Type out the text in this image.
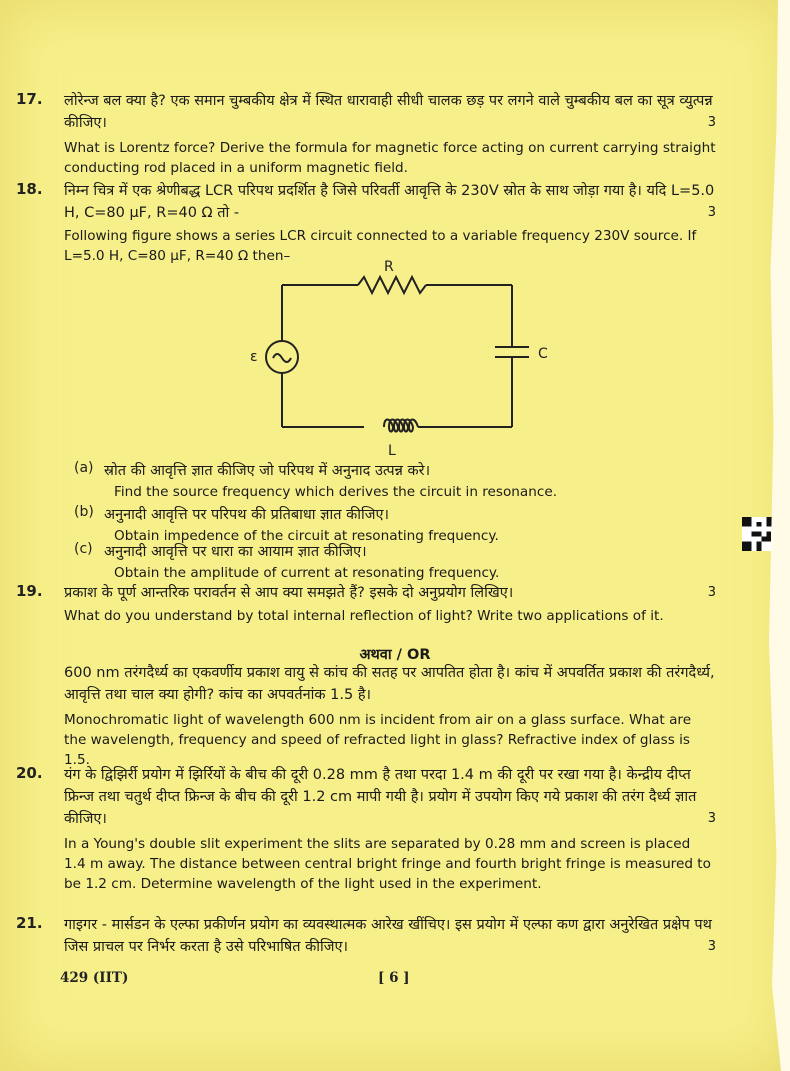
17. लोरेन्ज बल क्या है? एक समान चुम्बकीय क्षेत्र में स्थित धारावाही सीधी चालक छड़ पर लगने वाले चुम्बकीय बल का सूत्र व्युत्पन्न कीजिए।	3
What is Lorentz force? Derive the formula for magnetic force acting on current carrying straight conducting rod placed in a uniform magnetic field.
18. निम्न चित्र में एक श्रेणीबद्ध LCR परिपथ प्रदर्शित है जिसे परिवर्ती आवृत्ति के 230V स्रोत के साथ जोड़ा गया है। यदि L=5.0 H, C=80 μF, R=40 Ω तो -	3
Following figure shows a series LCR circuit connected to a variable frequency 230V source. If L=5.0 H, C=80 μF, R=40 Ω then–
R
C
L
ε
(a) स्रोत की आवृत्ति ज्ञात कीजिए जो परिपथ में अनुनाद उत्पन्न करे।
Find the source frequency which derives the circuit in resonance.
(b) अनुनादी आवृत्ति पर परिपथ की प्रतिबाधा ज्ञात कीजिए।
Obtain impedence of the circuit at resonating frequency.
(c) अनुनादी आवृत्ति पर धारा का आयाम ज्ञात कीजिए।
Obtain the amplitude of current at resonating frequency.
19. प्रकाश के पूर्ण आन्तरिक परावर्तन से आप क्या समझते हैं? इसके दो अनुप्रयोग लिखिए।	3
What do you understand by total internal reflection of light? Write two applications of it.
अथवा / OR
600 nm तरंगदैर्ध्य का एकवर्णीय प्रकाश वायु से कांच की सतह पर आपतित होता है। कांच में अपवर्तित प्रकाश की तरंगदैर्ध्य, आवृत्ति तथा चाल क्या होगी? कांच का अपवर्तनांक 1.5 है।
Monochromatic light of wavelength 600 nm is incident from air on a glass surface. What are the wavelength, frequency and speed of refracted light in glass? Refractive index of glass is 1.5.
20. यंग के द्विझिर्री प्रयोग में झिर्रियों के बीच की दूरी 0.28 mm है तथा परदा 1.4 m की दूरी पर रखा गया है। केन्द्रीय दीप्त फ्रिन्ज तथा चतुर्थ दीप्त फ्रिन्ज के बीच की दूरी 1.2 cm मापी गयी है। प्रयोग में उपयोग किए गये प्रकाश की तरंग दैर्ध्य ज्ञात कीजिए।	3
In a Young's double slit experiment the slits are separated by 0.28 mm and screen is placed 1.4 m away. The distance between central bright fringe and fourth bright fringe is measured to be 1.2 cm. Determine wavelength of the light used in the experiment.
21. गाइगर - मार्सडन के एल्फा प्रकीर्णन प्रयोग का व्यवस्थात्मक आरेख खींचिए। इस प्रयोग में एल्फा कण द्वारा अनुरेखित प्रक्षेप पथ जिस प्राचल पर निर्भर करता है उसे परिभाषित कीजिए।	3
429 (IIT)	[ 6 ]
